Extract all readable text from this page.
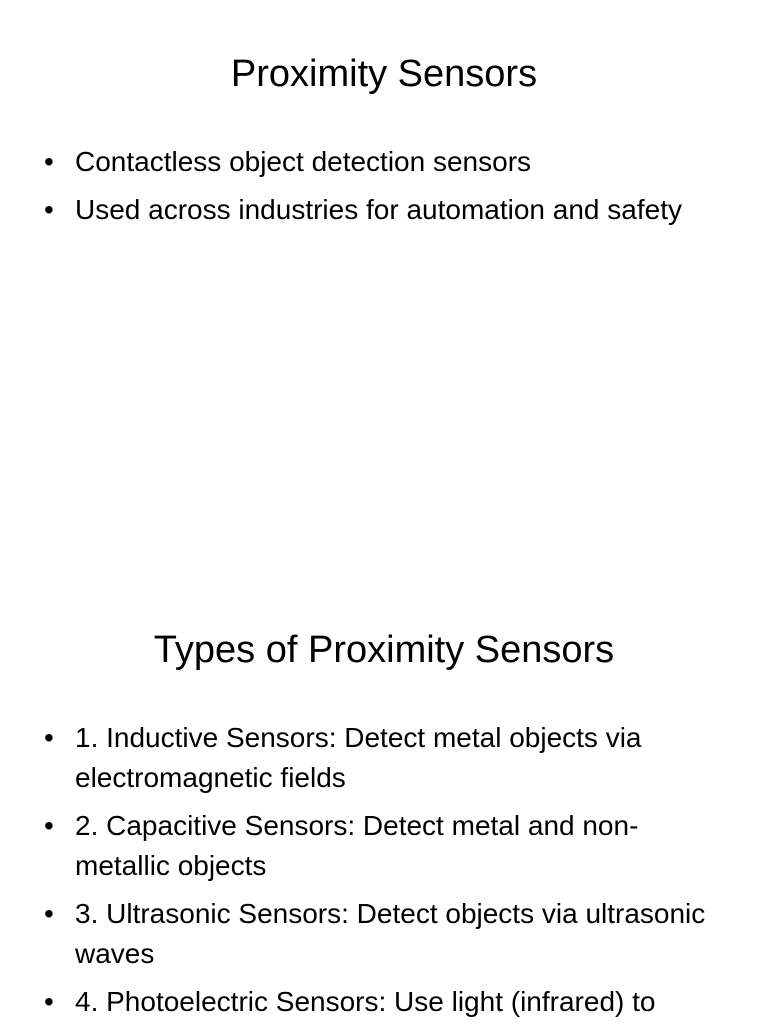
Proximity Sensors
• Contactless object detection sensors
• Used across industries for automation and safety
Types of Proximity Sensors
• 1. Inductive Sensors: Detect metal objects via electromagnetic fields
• 2. Capacitive Sensors: Detect metal and non-metallic objects
• 3. Ultrasonic Sensors: Detect objects via ultrasonic waves
• 4. Photoelectric Sensors: Use light (infrared) to
